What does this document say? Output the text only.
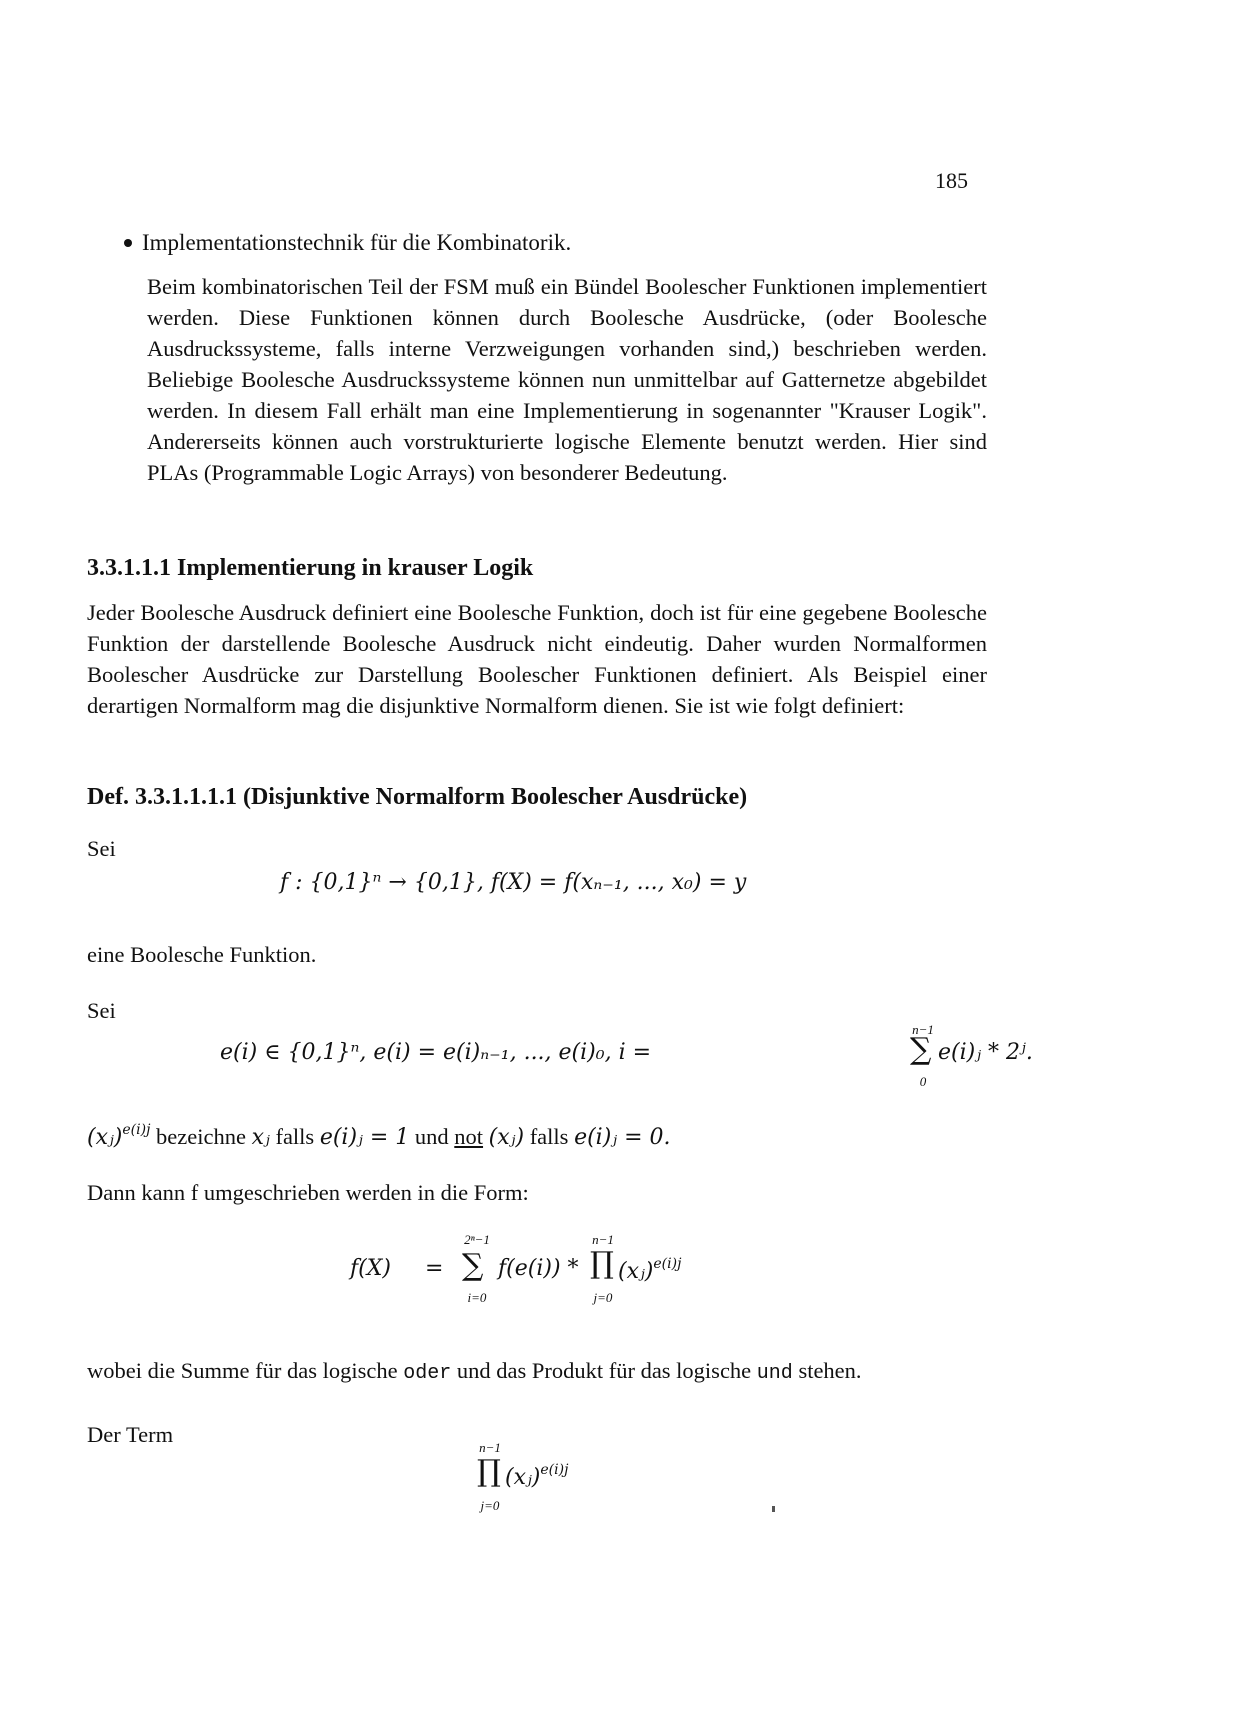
185
Implementationstechnik für die Kombinatorik.
Beim kombinatorischen Teil der FSM muß ein Bündel Boolescher Funktionen implementiert werden. Diese Funktionen können durch Boolesche Ausdrücke, (oder Boolesche Ausdruckssysteme, falls interne Verzweigungen vorhanden sind,) beschrieben werden. Beliebige Boolesche Ausdruckssysteme können nun unmittelbar auf Gatternetze abgebildet werden. In diesem Fall erhält man eine Implementierung in sogenannter "Krauser Logik". Andererseits können auch vorstrukturierte logische Elemente benutzt werden. Hier sind PLAs (Programmable Logic Arrays) von besonderer Bedeutung.
3.3.1.1.1 Implementierung in krauser Logik
Jeder Boolesche Ausdruck definiert eine Boolesche Funktion, doch ist für eine gegebene Boolesche Funktion der darstellende Boolesche Ausdruck nicht eindeutig. Daher wurden Normalformen Boolescher Ausdrücke zur Darstellung Boolescher Funktionen definiert. Als Beispiel einer derartigen Normalform mag die disjunktive Normalform dienen. Sie ist wie folgt definiert:
Def. 3.3.1.1.1.1 (Disjunktive Normalform Boolescher Ausdrücke)
Sei
f : {0,1}ⁿ → {0,1}, f(X) = f(xₙ₋₁, ..., x₀) = y
eine Boolesche Funktion.
Sei
e(i) ∈ {0,1}ⁿ, e(i) = e(i)ₙ₋₁, ..., e(i)₀, i =
n−1
∑
0
e(i)ⱼ * 2ʲ.
(xⱼ)$^{e(i)j}$ bezeichne xⱼ falls e(i)ⱼ = 1 und not (xⱼ) falls e(i)ⱼ = 0.
Dann kann f umgeschrieben werden in die Form:
f(X) =
2ⁿ−1
∑
i=0
f(e(i)) *
n−1
∏
j=0
(xⱼ)$^{e(i)j}$
wobei die Summe für das logische oder und das Produkt für das logische und stehen.
Der Term
n−1
∏
j=0
(xⱼ)$^{e(i)j}$
